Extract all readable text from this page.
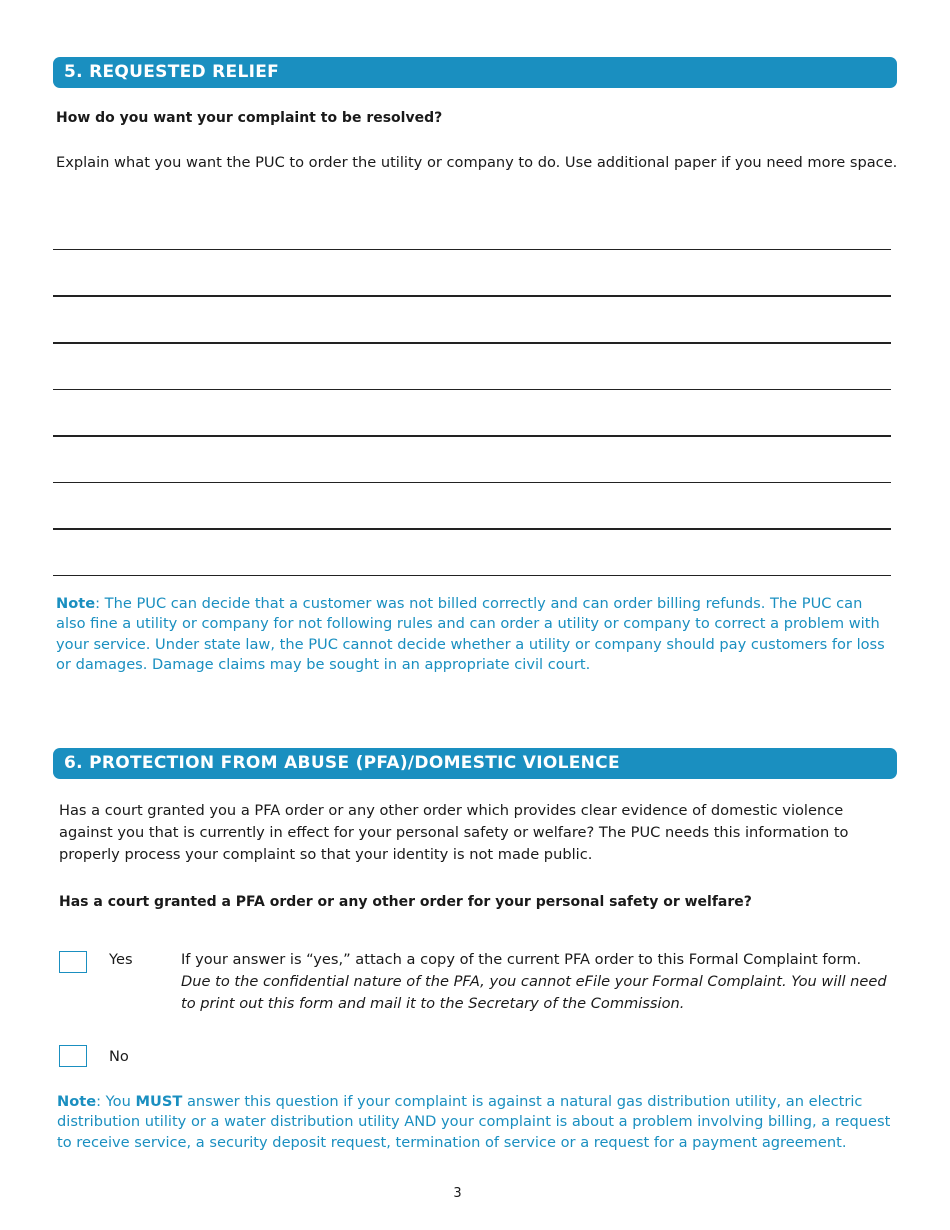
5. REQUESTED RELIEF
How do you want your complaint to be resolved?
Explain what you want the PUC to order the utility or company to do. Use additional paper if you need more space.
Note: The PUC can decide that a customer was not billed correctly and can order billing refunds. The PUC can also fine a utility or company for not following rules and can order a utility or company to correct a problem with your service. Under state law, the PUC cannot decide whether a utility or company should pay customers for loss or damages. Damage claims may be sought in an appropriate civil court.
6. PROTECTION FROM ABUSE (PFA)/DOMESTIC VIOLENCE
Has a court granted you a PFA order or any other order which provides clear evidence of domestic violence against you that is currently in effect for your personal safety or welfare? The PUC needs this information to properly process your complaint so that your identity is not made public.
Has a court granted a PFA order or any other order for your personal safety or welfare?
Yes	If your answer is “yes,” attach a copy of the current PFA order to this Formal Complaint form. Due to the confidential nature of the PFA, you cannot eFile your Formal Complaint. You will need to print out this form and mail it to the Secretary of the Commission.
No
Note: You MUST answer this question if your complaint is against a natural gas distribution utility, an electric distribution utility or a water distribution utility AND your complaint is about a problem involving billing, a request to receive service, a security deposit request, termination of service or a request for a payment agreement.
3
